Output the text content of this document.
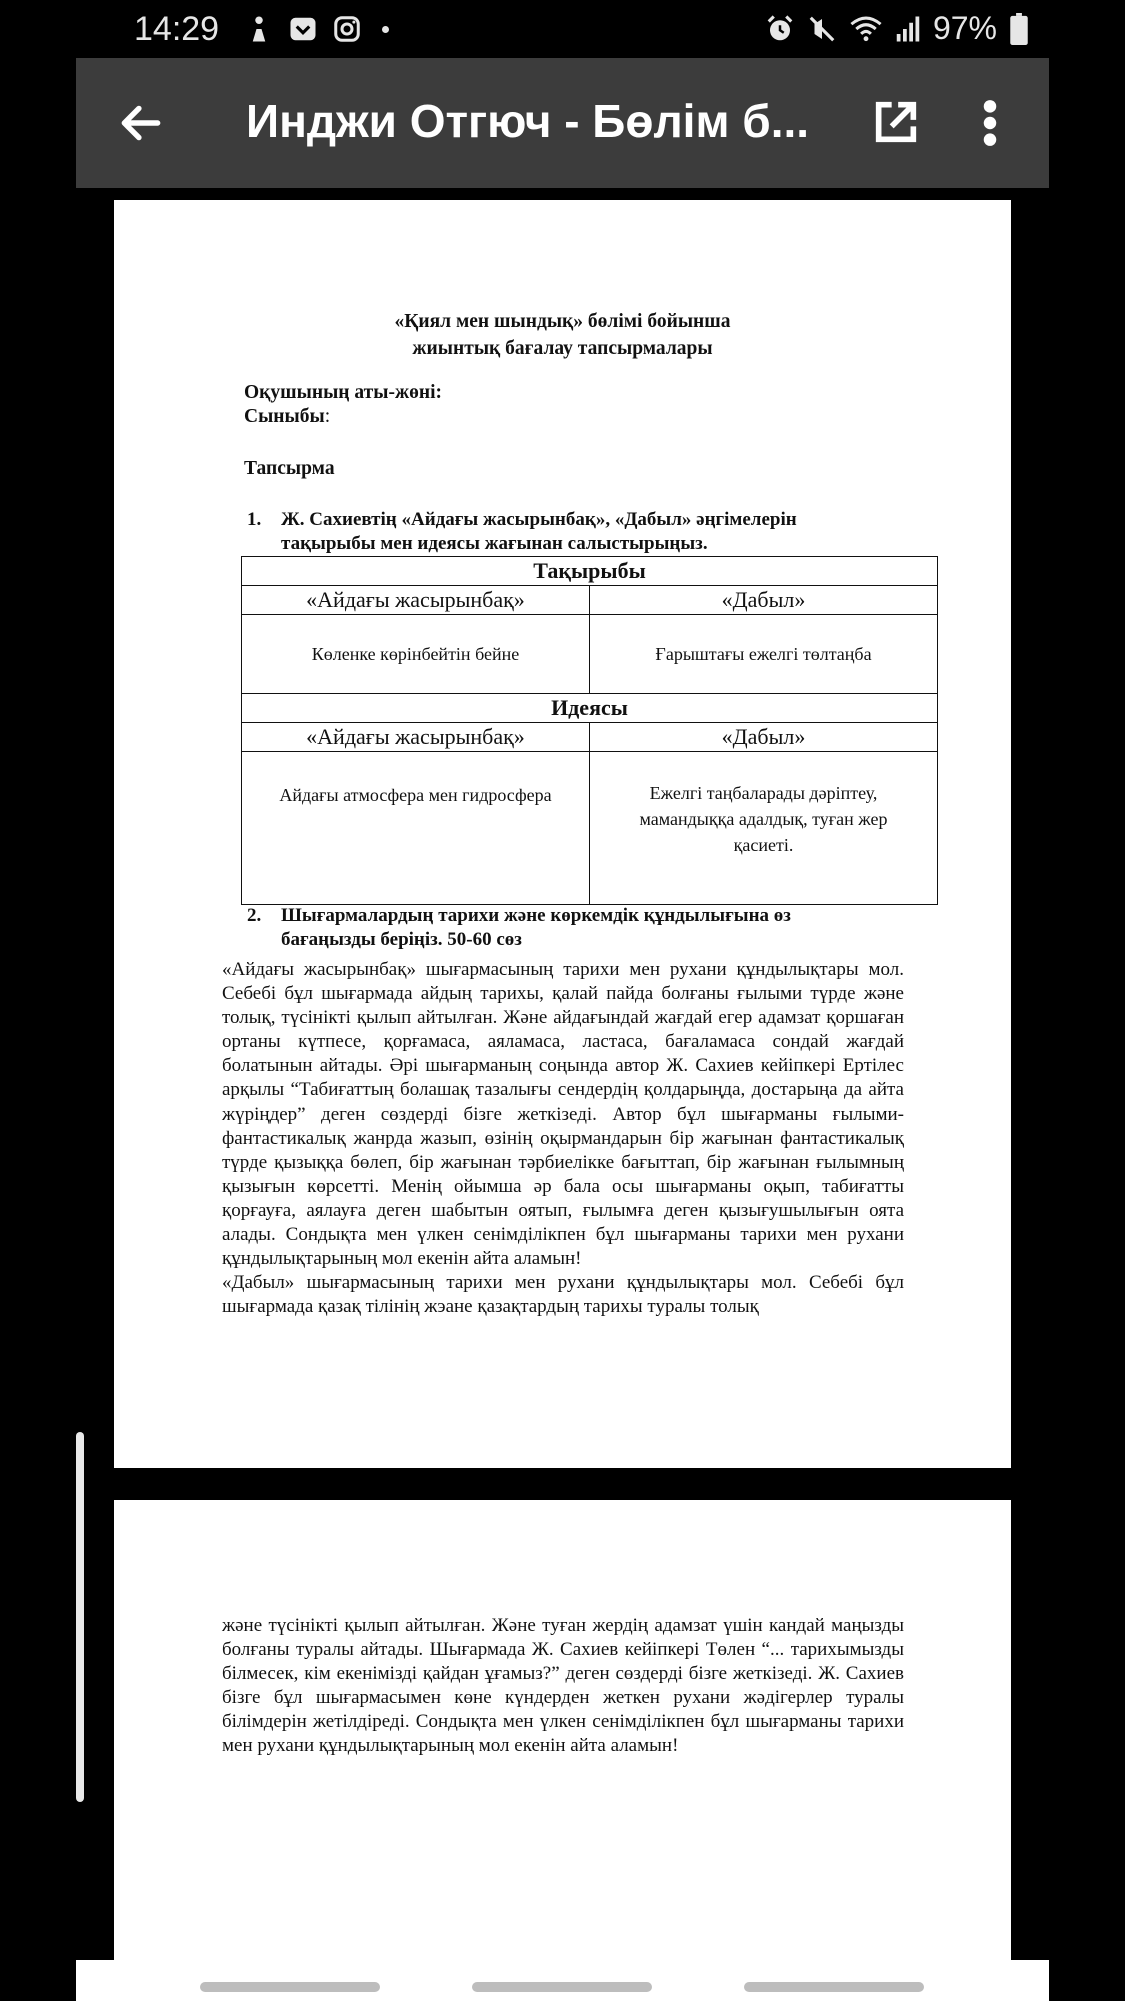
14:29	97%
Инджи Отгюч - Бөлім б...
«Қиял мен шындық» бөлімі бойынша
жиынтық бағалау тапсырмалары
Оқушының аты-жөні:
Сыныбы:
Тапсырма
1. Ж. Сахиевтің «Айдағы жасырынбақ», «Дабыл» әңгімелерін тақырыбы мен идеясы жағынан салыстырыңыз.
Тақырыбы	
«Айдағы жасырынбақ»	«Дабыл»
Көленке көрінбейтін бейне	Ғарыштағы ежелгі төлтаңба
Идеясы	
«Айдағы жасырынбақ»	«Дабыл»
Айдағы атмосфера мен гидросфера	Ежелгі таңбаларады дәріптеу, мамандыққа адалдық, туған жер қасиеті.
2. Шығармалардың тарихи және көркемдік құндылығына өз бағаңызды беріңіз. 50-60 сөз

«Айдағы жасырынбақ» шығармасының тарихи мен рухани құндылықтары мол. Себебі бұл шығармада айдың тарихы, қалай пайда болғаны ғылыми түрде және толық, түсінікті қылып айтылған. Және айдағындай жағдай егер адамзат қоршаған ортаны күтпесе, қорғамаса, аяламаса, ластаса, бағаламаса сондай жағдай болатынын айтады. Әрі шығарманың соңында автор Ж. Сахиев кейіпкері Ертілес арқылы “Табиғаттың болашақ тазалығы сендердің қолдарыңда, достарыңа да айта жүріңдер” деген сөздерді бізге жеткізеді. Автор бұл шығарманы ғылыми-фантастикалық жанрда жазып, өзінің оқырмандарын бір жағынан фантастикалық түрде қызыққа бөлеп, бір жағынан тәрбиелікке бағыттап, бір жағынан ғылымның қызығын көрсетті. Менің ойымша әр бала осы шығарманы оқып, табиғатты қорғауға, аялауға деген шабытын оятып, ғылымға деген қызығушылығын оята алады. Сондықта мен үлкен сенімділікпен бұл шығарманы тарихи мен рухани құндылықтарының мол екенін айта аламын!

«Дабыл» шығармасының тарихи мен рухани құндылықтары мол. Себебі бұл шығармада қазақ тілінің жэане қазақтардың тарихы туралы толық

және түсінікті қылып айтылған. Және туған жердің адамзат үшін кандай маңызды болғаны туралы айтады. Шығармада Ж. Сахиев кейіпкері Төлен “... тарихымызды білмесек, кім екенімізді қайдан ұғамыз?” деген сөздерді бізге жеткізеді. Ж. Сахиев бізге бұл шығармасымен көне күндерден жеткен рухани жәдігерлер туралы білімдерін жетілдіреді. Сондықта мен үлкен сенімділікпен бұл шығарманы тарихи мен рухани құндылықтарының мол екенін айта аламын!
